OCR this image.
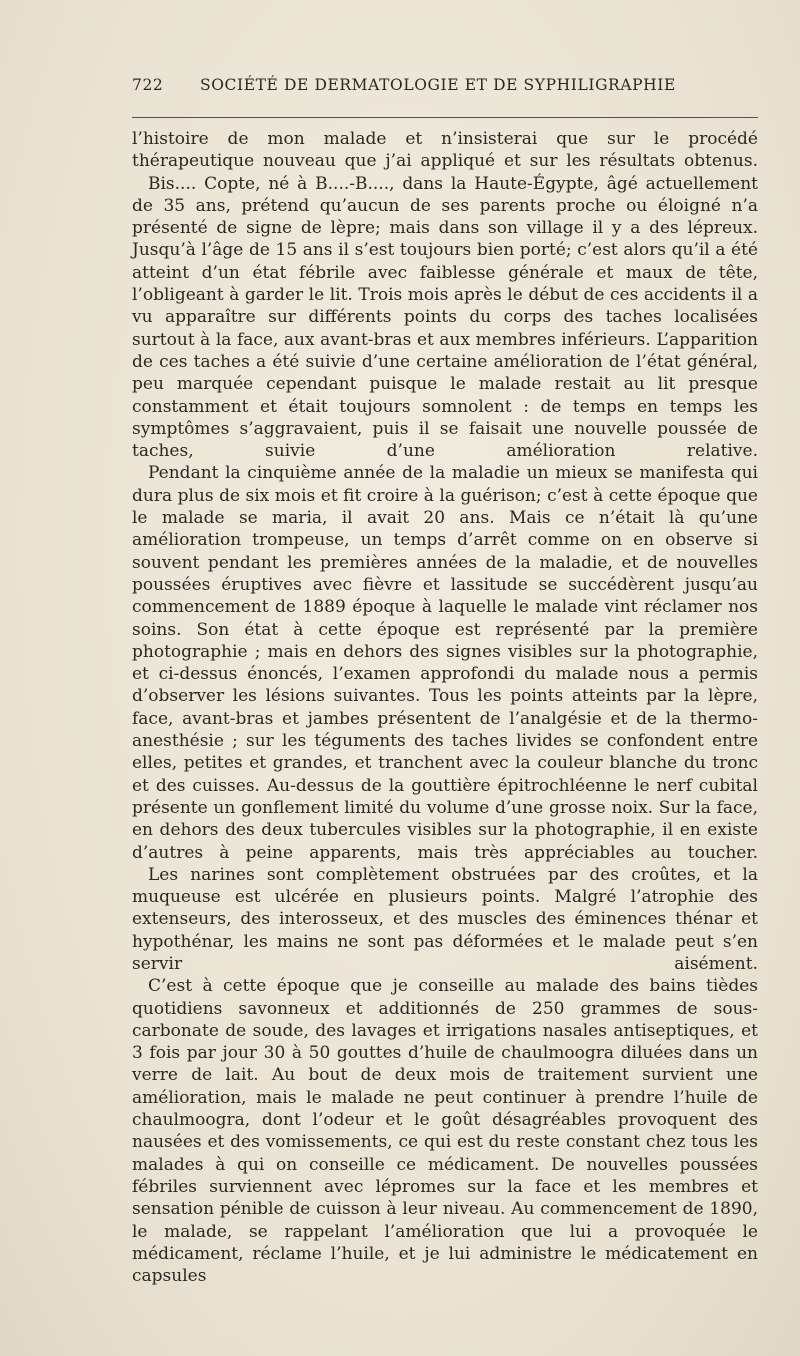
722 SOCIÉTÉ DE DERMATOLOGIE ET DE SYPHILIGRAPHIE

l’histoire de mon malade et n’insisterai que sur le procédé thérapeutique nouveau que j’ai appliqué et sur les résultats obtenus.

Bis.... Copte, né à B....-B...., dans la Haute-Égypte, âgé actuellement de 35 ans, prétend qu’aucun de ses parents proche ou éloigné n’a présenté de signe de lèpre; mais dans son village il y a des lépreux. Jusqu’à l’âge de 15 ans il s’est toujours bien porté; c’est alors qu’il a été atteint d’un état fébrile avec faiblesse générale et maux de tête, l’obligeant à garder le lit. Trois mois après le début de ces accidents il a vu apparaître sur différents points du corps des taches localisées surtout à la face, aux avant-bras et aux membres inférieurs. L’apparition de ces taches a été suivie d’une certaine amélioration de l’état général, peu marquée cependant puisque le malade restait au lit presque constamment et était toujours somnolent : de temps en temps les symptômes s’aggravaient, puis il se faisait une nouvelle poussée de taches, suivie d’une amélioration relative.

Pendant la cinquième année de la maladie un mieux se manifesta qui dura plus de six mois et fit croire à la guérison; c’est à cette époque que le malade se maria, il avait 20 ans. Mais ce n’était là qu’une amélioration trompeuse, un temps d’arrêt comme on en observe si souvent pendant les premières années de la maladie, et de nouvelles poussées éruptives avec fièvre et lassitude se succédèrent jusqu’au commencement de 1889 époque à laquelle le malade vint réclamer nos soins. Son état à cette époque est représenté par la première photographie ; mais en dehors des signes visibles sur la photographie, et ci-dessus énoncés, l’examen approfondi du malade nous a permis d’observer les lésions suivantes. Tous les points atteints par la lèpre, face, avant-bras et jambes présentent de l’analgésie et de la thermo-anesthésie ; sur les téguments des taches livides se confondent entre elles, petites et grandes, et tranchent avec la couleur blanche du tronc et des cuisses. Au-dessus de la gouttière épitrochléenne le nerf cubital présente un gonflement limité du volume d’une grosse noix. Sur la face, en dehors des deux tubercules visibles sur la photographie, il en existe d’autres à peine apparents, mais très appréciables au toucher.

Les narines sont complètement obstruées par des croûtes, et la muqueuse est ulcérée en plusieurs points. Malgré l’atrophie des extenseurs, des interosseux, et des muscles des éminences thénar et hypothénar, les mains ne sont pas déformées et le malade peut s’en servir aisément.

C’est à cette époque que je conseille au malade des bains tièdes quotidiens savonneux et additionnés de 250 grammes de sous-carbonate de soude, des lavages et irrigations nasales antiseptiques, et 3 fois par jour 30 à 50 gouttes d’huile de chaulmoogra diluées dans un verre de lait. Au bout de deux mois de traitement survient une amélioration, mais le malade ne peut continuer à prendre l’huile de chaulmoogra, dont l’odeur et le goût désagréables provoquent des nausées et des vomissements, ce qui est du reste constant chez tous les malades à qui on conseille ce médicament. De nouvelles poussées fébriles surviennent avec lépromes sur la face et les membres et sensation pénible de cuisson à leur niveau. Au commencement de 1890, le malade, se rappelant l’amélioration que lui a provoquée le médicament, réclame l’huile, et je lui administre le médicatement en capsules
